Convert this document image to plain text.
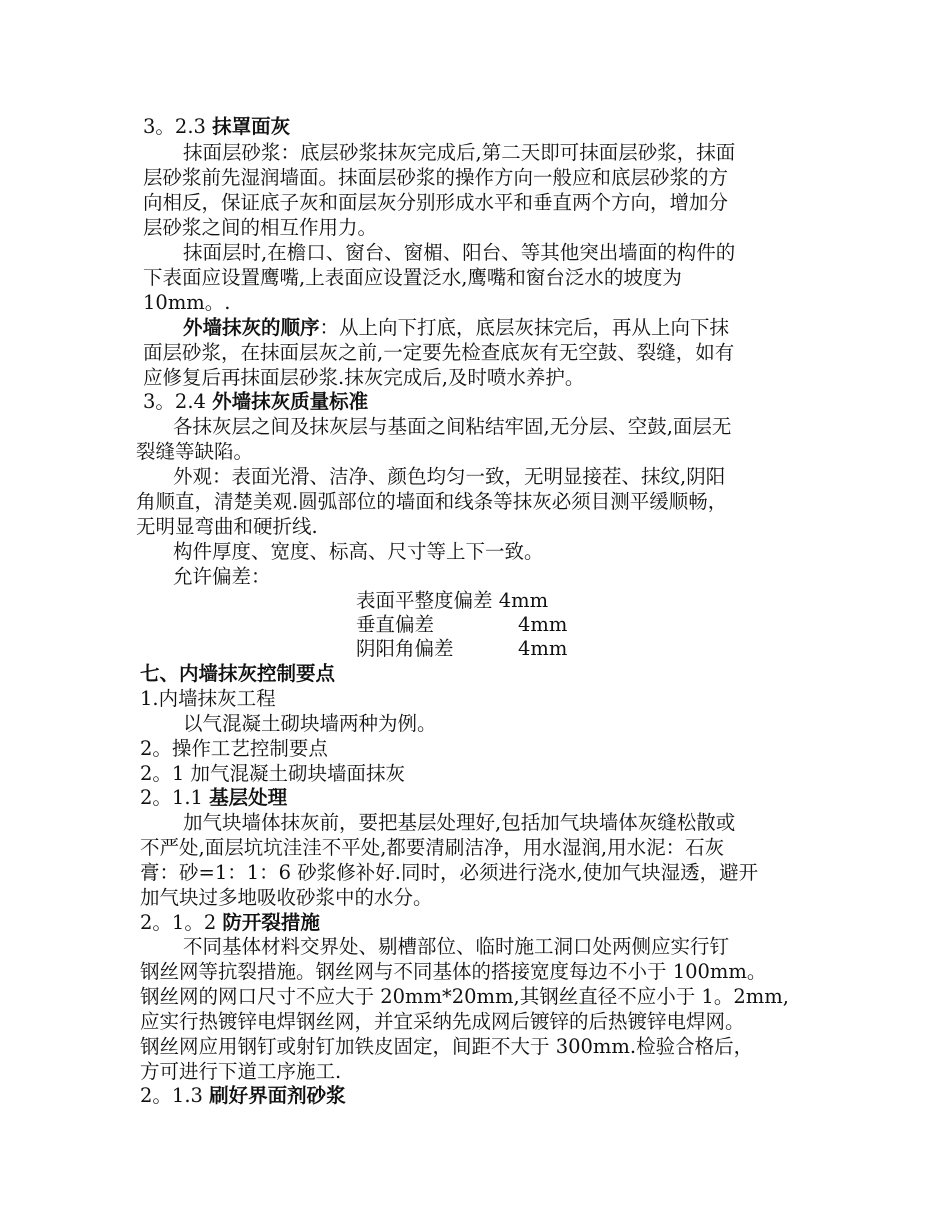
3。2.3 抹罩面灰
抹面层砂浆：底层砂浆抹灰完成后,第二天即可抹面层砂浆，抹面
层砂浆前先湿润墙面。抹面层砂浆的操作方向一般应和底层砂浆的方
向相反，保证底子灰和面层灰分别形成水平和垂直两个方向，增加分
层砂浆之间的相互作用力。
抹面层时,在檐口、窗台、窗楣、阳台、等其他突出墙面的构件的
下表面应设置鹰嘴,上表面应设置泛水,鹰嘴和窗台泛水的坡度为
10mm。.
外墙抹灰的顺序：从上向下打底，底层灰抹完后，再从上向下抹
面层砂浆，在抹面层灰之前,一定要先检查底灰有无空鼓、裂缝，如有
应修复后再抹面层砂浆.抹灰完成后,及时喷水养护。
3。2.4 外墙抹灰质量标准
各抹灰层之间及抹灰层与基面之间粘结牢固,无分层、空鼓,面层无
裂缝等缺陷。
外观：表面光滑、洁净、颜色均匀一致，无明显接茬、抹纹,阴阳
角顺直，清楚美观.圆弧部位的墙面和线条等抹灰必须目测平缓顺畅，
无明显弯曲和硬折线.
构件厚度、宽度、标高、尺寸等上下一致。
允许偏差：
表面平整度偏差 4mm
垂直偏差	4mm
阴阳角偏差	4mm
七、内墙抹灰控制要点
1.内墙抹灰工程
以气混凝土砌块墙两种为例。
2。操作工艺控制要点
2。1 加气混凝土砌块墙面抹灰
2。1.1 基层处理
加气块墙体抹灰前，要把基层处理好,包括加气块墙体灰缝松散或
不严处,面层坑坑洼洼不平处,都要清刷洁净，用水湿润,用水泥：石灰
膏：砂=1：1：6 砂浆修补好.同时，必须进行浇水,使加气块湿透，避开
加气块过多地吸收砂浆中的水分。
2。1。2 防开裂措施
不同基体材料交界处、剔槽部位、临时施工洞口处两侧应实行钉
钢丝网等抗裂措施。钢丝网与不同基体的搭接宽度每边不小于 100mm。
钢丝网的网口尺寸不应大于 20mm*20mm,其钢丝直径不应小于 1。2mm,
应实行热镀锌电焊钢丝网，并宜采纳先成网后镀锌的后热镀锌电焊网。
钢丝网应用钢钉或射钉加铁皮固定，间距不大于 300mm.检验合格后，
方可进行下道工序施工.
2。1.3 刷好界面剂砂浆
